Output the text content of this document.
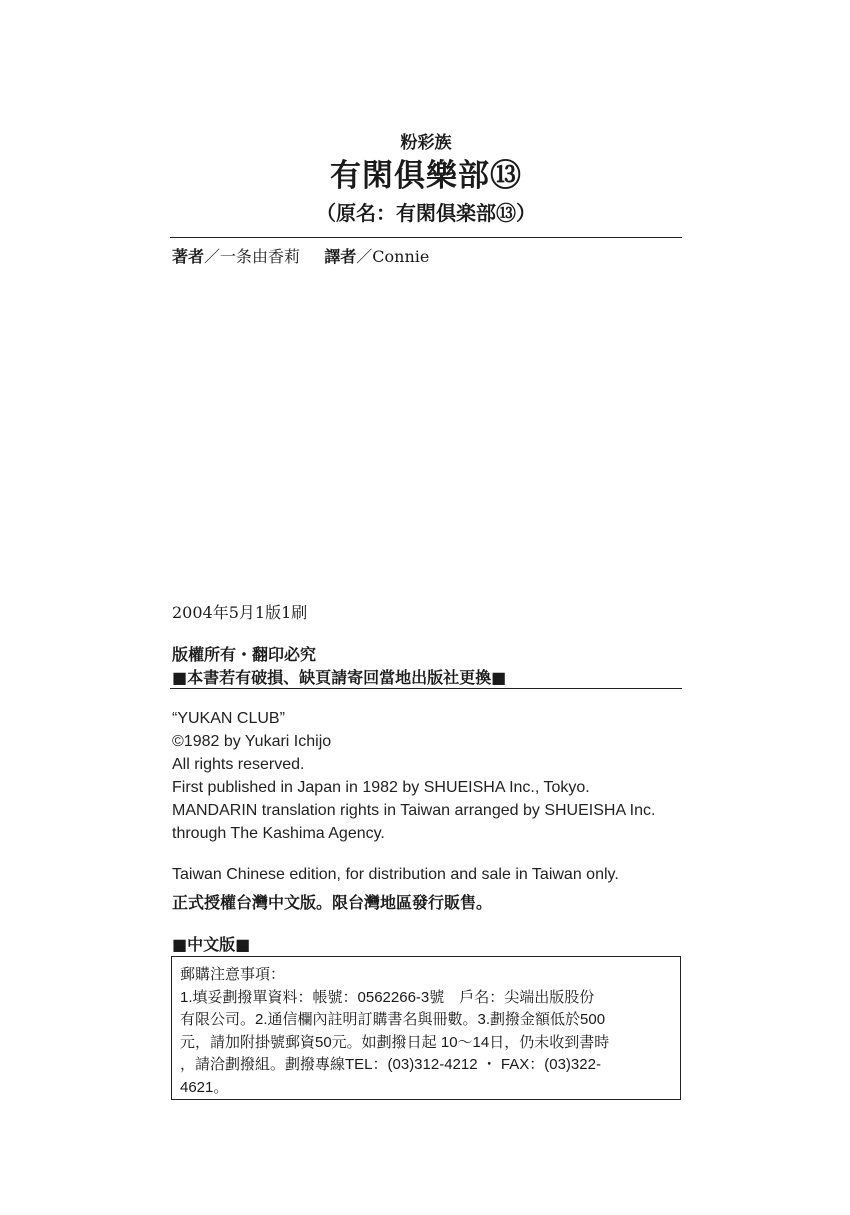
粉彩族
有閑俱樂部⑬
（原名：有閑倶楽部⑬）
著者／一条由香莉 譯者／Connie
2004年5月1版1刷
版權所有・翻印必究
■本書若有破損、缺頁請寄回當地出版社更換■
“YUKAN CLUB”
©1982 by Yukari Ichijo
All rights reserved.
First published in Japan in 1982 by SHUEISHA Inc., Tokyo.
MANDARIN translation rights in Taiwan arranged by SHUEISHA Inc.
through The Kashima Agency.
Taiwan Chinese edition, for distribution and sale in Taiwan only.
正式授權台灣中文版。限台灣地區發行販售。
■中文版■
郵購注意事項：
1.填妥劃撥單資料：帳號：0562266-3號　戶名：尖端出版股份
有限公司。2.通信欄內註明訂購書名與冊數。3.劃撥金額低於500
元，請加附掛號郵資50元。如劃撥日起 10～14日，仍未收到書時
，請洽劃撥組。劃撥專線TEL：(03)312-4212 ・ FAX：(03)322-
4621。
